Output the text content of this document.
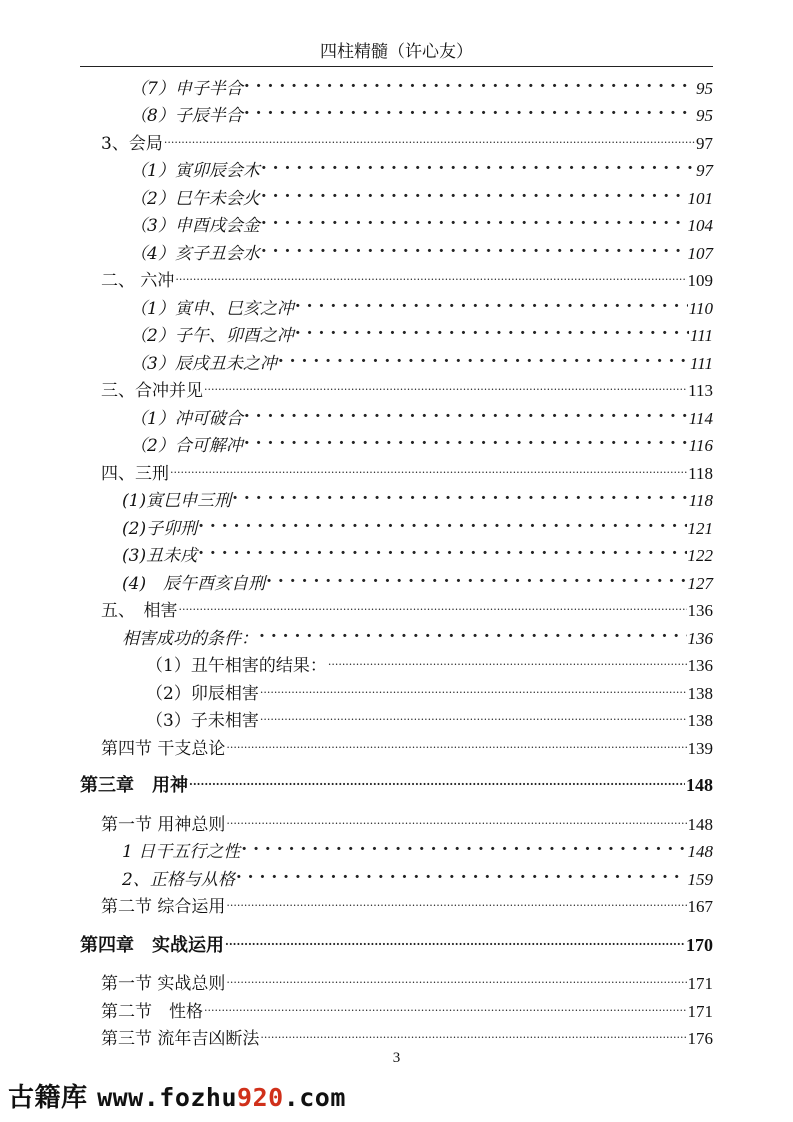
四柱精髓（许心友）
（7）申子半合 . . .	95
（8）子辰半合 . . .	95
3、会局 .....	97
（1）寅卯辰会木 . . .	97
（2）巳午未会火 . . .	101
（3）申酉戌会金 . . .	104
（4）亥子丑会水 . . .	107
二、 六冲 .....	109
（1）寅申、巳亥之冲 . . .	110
（2）子午、卯酉之冲 . . .	111
（3）辰戌丑未之冲 . . .	111
三、合冲并见 .....	113
（1）冲可破合 . . .	114
（2）合可解冲 . . .	116
四、三刑 .....	118
(1)寅巳申三刑 . . .	118
(2)子卯刑 . . .	121
(3)丑未戌 . . .	122
(4)　辰午酉亥自刑 . . .	127
五、　相害 .....	136
相害成功的条件： . . .	136
（1）丑午相害的结果： .....	136
（2）卯辰相害 .....	138
（3）子未相害 .....	138
第四节 干支总论 .....	139
第三章　用神 .....	148
第一节 用神总则 .....	148
1 日干五行之性 . . .	148
2、正格与从格 . . .	159
第二节 综合运用 .....	167
第四章　实战运用 .....	170
第一节 实战总则 .....	171
第二节　性格 .....	171
第三节 流年吉凶断法 .....	176
3
古籍库 www.fozhu920.com
